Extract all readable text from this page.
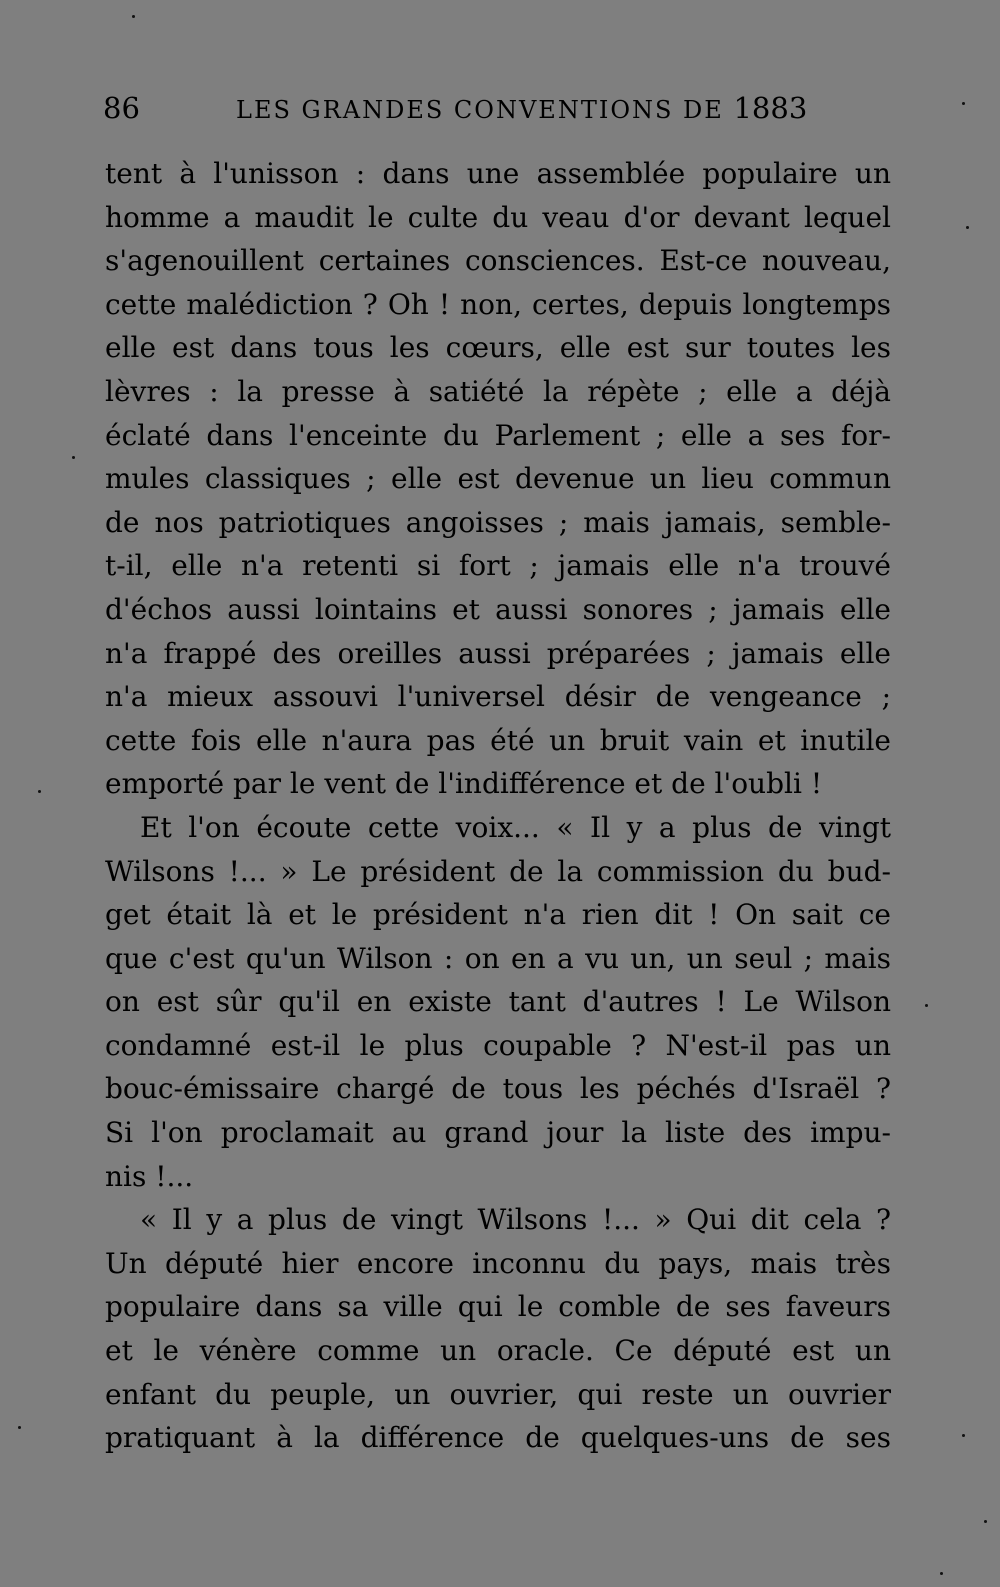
86	LES GRANDES CONVENTIONS DE 1883
tent à l'unisson : dans une assemblée populaire un
homme a maudit le culte du veau d'or devant lequel
s'agenouillent certaines consciences. Est-ce nouveau,
cette malédiction ? Oh ! non, certes, depuis longtemps
elle est dans tous les cœurs, elle est sur toutes les
lèvres : la presse à satiété la répète ; elle a déjà
éclaté dans l'enceinte du Parlement ; elle a ses for-
mules classiques ; elle est devenue un lieu commun
de nos patriotiques angoisses ; mais jamais, semble-
t-il, elle n'a retenti si fort ; jamais elle n'a trouvé
d'échos aussi lointains et aussi sonores ; jamais elle
n'a frappé des oreilles aussi préparées ; jamais elle
n'a mieux assouvi l'universel désir de vengeance ;
cette fois elle n'aura pas été un bruit vain et inutile
emporté par le vent de l'indifférence et de l'oubli !
Et l'on écoute cette voix... « Il y a plus de vingt
Wilsons !... » Le président de la commission du bud-
get était là et le président n'a rien dit ! On sait ce
que c'est qu'un Wilson : on en a vu un, un seul ; mais
on est sûr qu'il en existe tant d'autres ! Le Wilson
condamné est-il le plus coupable ? N'est-il pas un
bouc-émissaire chargé de tous les péchés d'Israël ?
Si l'on proclamait au grand jour la liste des impu-
nis !...
« Il y a plus de vingt Wilsons !... » Qui dit cela ?
Un député hier encore inconnu du pays, mais très
populaire dans sa ville qui le comble de ses faveurs
et le vénère comme un oracle. Ce député est un
enfant du peuple, un ouvrier, qui reste un ouvrier
pratiquant à la différence de quelques-uns de ses
